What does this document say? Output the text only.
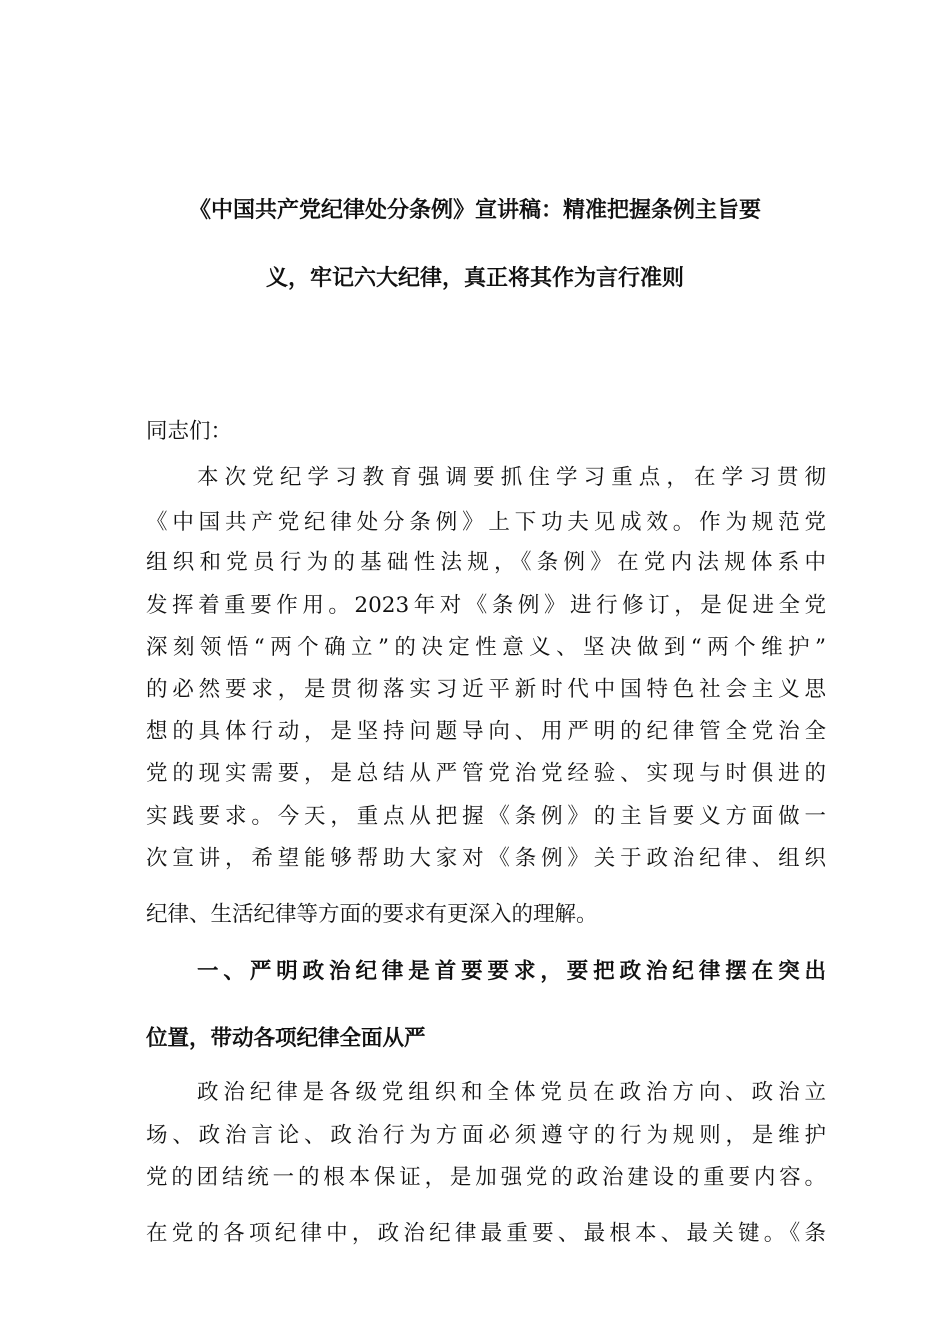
《中国共产党纪律处分条例》宣讲稿：精准把握条例主旨要
义，牢记六大纪律，真正将其作为言行准则
同志们：
本次党纪学习教育强调要抓住学习重点，在学习贯彻
《中国共产党纪律处分条例》上下功夫见成效。作为规范党
组织和党员行为的基础性法规，《条例》在党内法规体系中
发挥着重要作用。2023年对《条例》进行修订，是促进全党
深刻领悟“两个确立”的决定性意义、坚决做到“两个维护”
的必然要求，是贯彻落实习近平新时代中国特色社会主义思
想的具体行动，是坚持问题导向、用严明的纪律管全党治全
党的现实需要，是总结从严管党治党经验、实现与时俱进的
实践要求。今天，重点从把握《条例》的主旨要义方面做一
次宣讲，希望能够帮助大家对《条例》关于政治纪律、组织
纪律、生活纪律等方面的要求有更深入的理解。
一、严明政治纪律是首要要求，要把政治纪律摆在突出
位置，带动各项纪律全面从严
政治纪律是各级党组织和全体党员在政治方向、政治立
场、政治言论、政治行为方面必须遵守的行为规则，是维护
党的团结统一的根本保证，是加强党的政治建设的重要内容。
在党的各项纪律中，政治纪律最重要、最根本、最关键。《条
